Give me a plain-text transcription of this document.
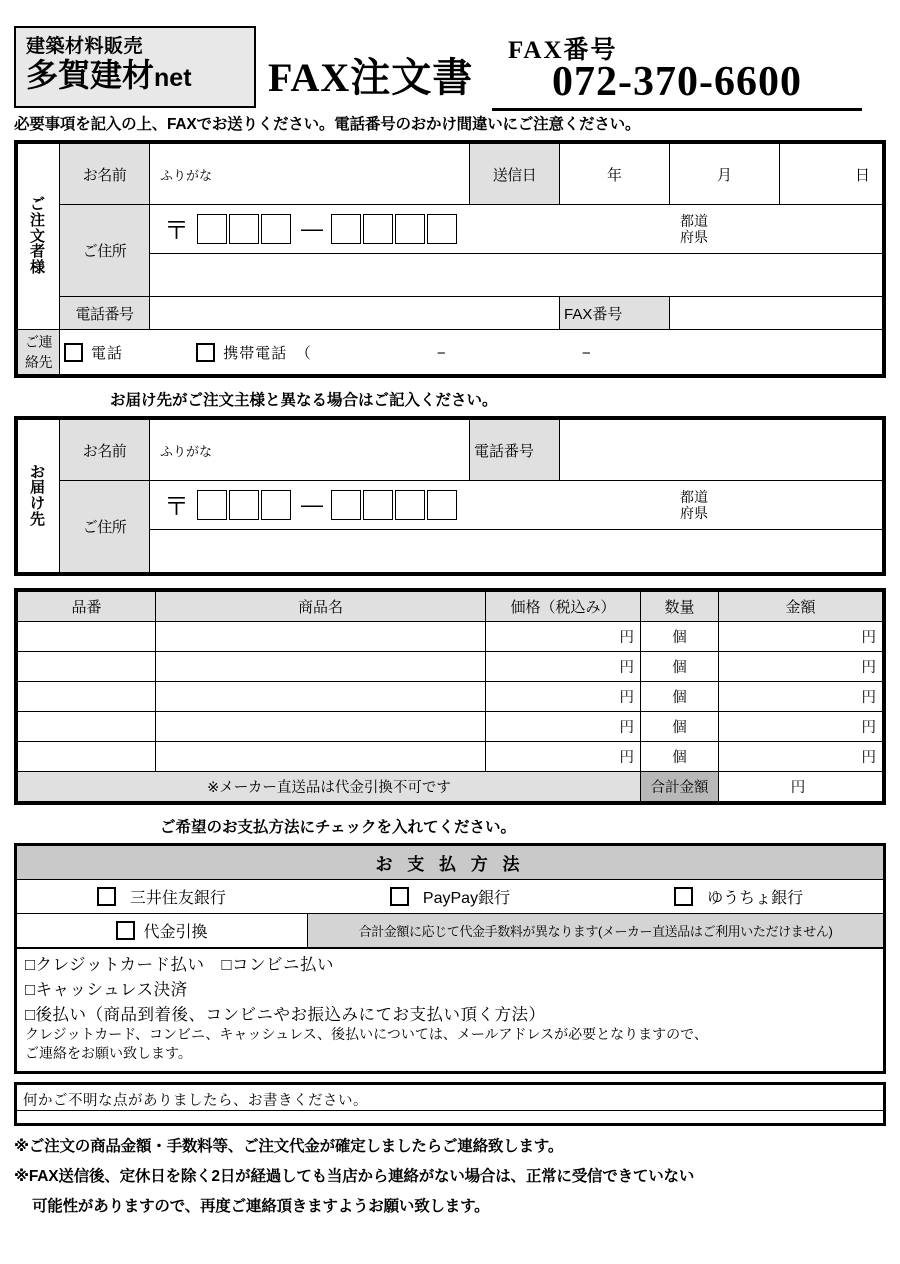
建築材料販売
多賀建材net	FAX注文書
FAX番号
072-370-6600
必要事項を記入の上、FAXでお送りください。電話番号のおかけ間違いにご注意ください。
ご注文者様	お名前	ふりがな	送信日	年	月	日
	ご住所	〒 — 都道
府県				

	電話番号			FAX番号		
ご連絡先	電話 携帯電話　（ − −					
お届け先がご注文主様と異なる場合はご記入ください。
お届け先	お名前	ふりがな	電話番号	
	ご住所	〒 — 都道
府県		

品番	商品名	価格（税込み）	数量	金額
		円	個	円
		円	個	円
		円	個	円
		円	個	円
		円	個	円
※メーカー直送品は代金引換不可です			合計金額	円
ご希望のお支払方法にチェックを入れてください。
お 支 払 方 法
三井住友銀行	PayPay銀行	ゆうちょ銀行
代金引換	合計金額に応じて代金手数料が異なります(メーカー直送品はご利用いただけません)
□クレジットカード払い　□コンビニ払い
□キャッシュレス決済
□後払い（商品到着後、コンビニやお振込みにてお支払い頂く方法）
クレジットカード、コンビニ、キャッシュレス、後払いについては、メールアドレスが必要となりますので、
ご連絡をお願い致します。
何かご不明な点がありましたら、お書きください。

※ご注文の商品金額・手数料等、ご注文代金が確定しましたらご連絡致します。

※FAX送信後、定休日を除く2日が経過しても当店から連絡がない場合は、正常に受信できていない

可能性がありますので、再度ご連絡頂きますようお願い致します。
